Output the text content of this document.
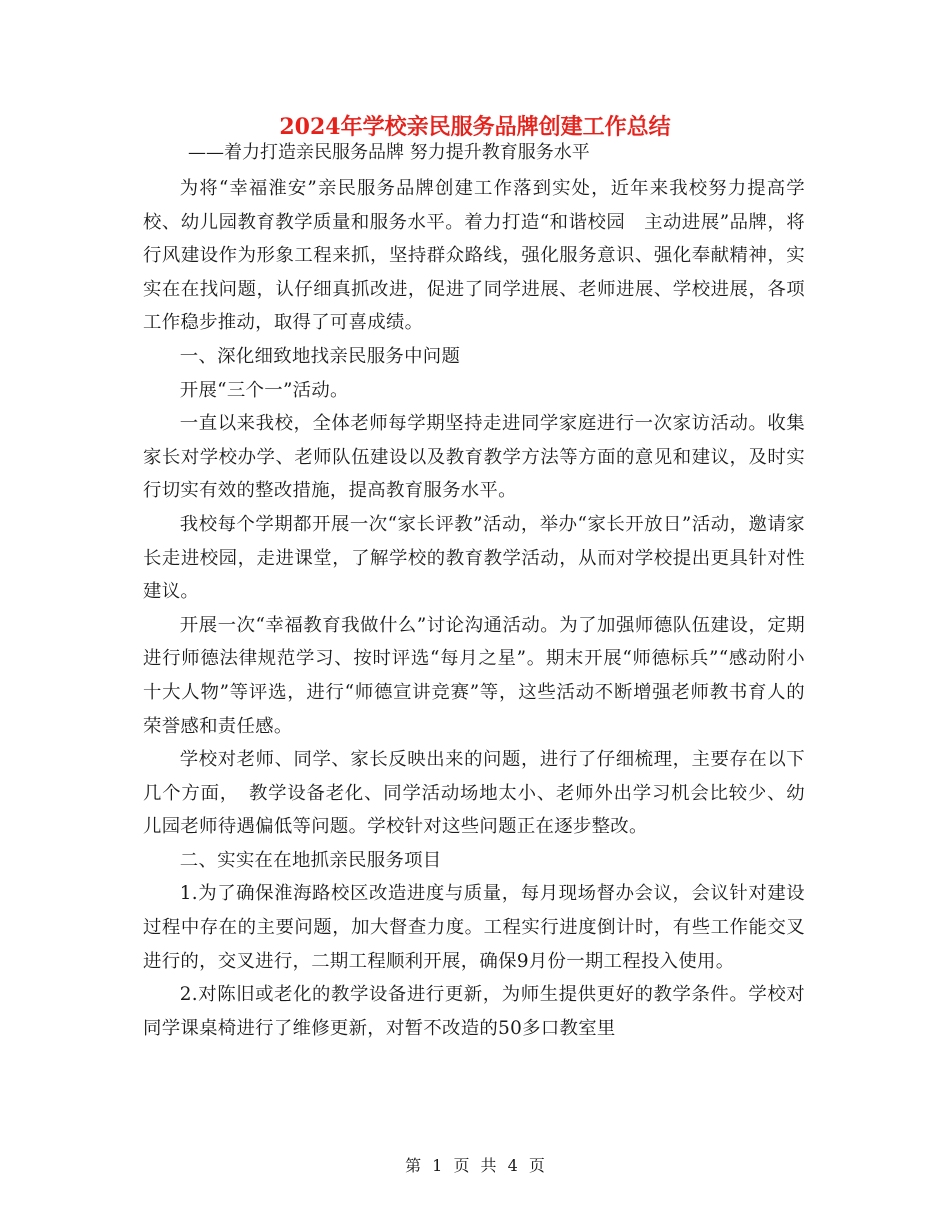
2024年学校亲民服务品牌创建工作总结
——着力打造亲民服务品牌 努力提升教育服务水平

为将“幸福淮安”亲民服务品牌创建工作落到实处，近年来我校努力提高学校、幼儿园教育教学质量和服务水平。着力打造“和谐校园　主动进展”品牌，将行风建设作为形象工程来抓，坚持群众路线，强化服务意识、强化奉献精神，实实在在找问题，认仔细真抓改进，促进了同学进展、老师进展、学校进展，各项工作稳步推动，取得了可喜成绩。

一、深化细致地找亲民服务中问题

开展“三个一”活动。

一直以来我校，全体老师每学期坚持走进同学家庭进行一次家访活动。收集家长对学校办学、老师队伍建设以及教育教学方法等方面的意见和建议，及时实行切实有效的整改措施，提高教育服务水平。

我校每个学期都开展一次“家长评教”活动，举办“家长开放日”活动，邀请家长走进校园，走进课堂，了解学校的教育教学活动，从而对学校提出更具针对性建议。

开展一次“幸福教育我做什么”讨论沟通活动。为了加强师德队伍建设，定期进行师德法律规范学习、按时评选“每月之星”。期末开展“师德标兵”“感动附小十大人物”等评选，进行“师德宣讲竞赛”等，这些活动不断增强老师教书育人的荣誉感和责任感。

学校对老师、同学、家长反映出来的问题，进行了仔细梳理，主要存在以下几个方面，　教学设备老化、同学活动场地太小、老师外出学习机会比较少、幼儿园老师待遇偏低等问题。学校针对这些问题正在逐步整改。

二、实实在在地抓亲民服务项目

1.为了确保淮海路校区改造进度与质量，每月现场督办会议，会议针对建设过程中存在的主要问题，加大督查力度。工程实行进度倒计时，有些工作能交叉进行的，交叉进行，二期工程顺利开展，确保9月份一期工程投入使用。

2.对陈旧或老化的教学设备进行更新，为师生提供更好的教学条件。学校对同学课桌椅进行了维修更新，对暂不改造的50多口教室里

第 1 页 共 4 页
